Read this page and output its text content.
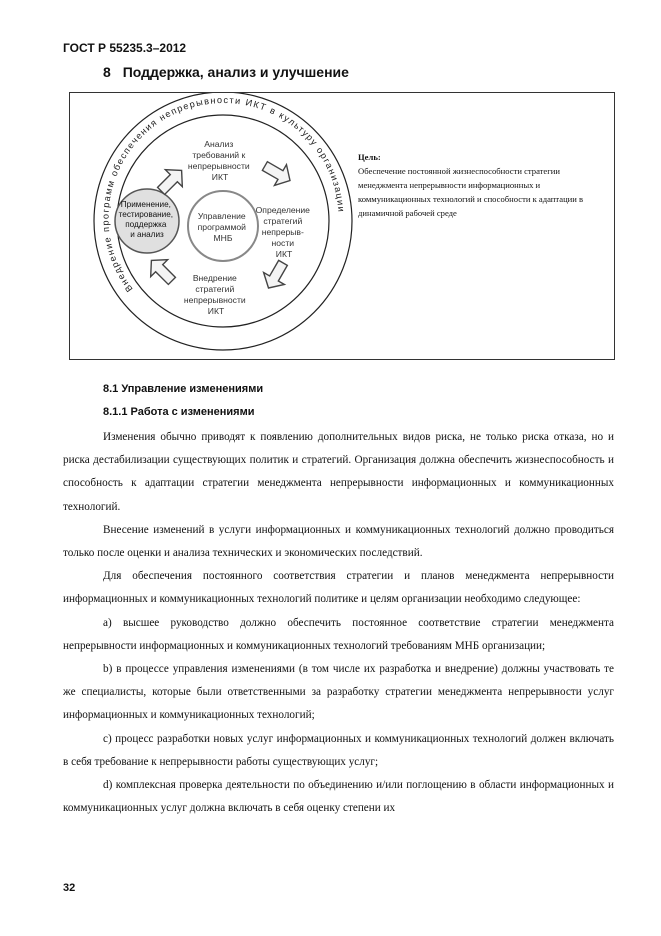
ГОСТ Р 55235.3–2012
8 Поддержка, анализ и улучшение
Внедрение программ обеспечения непрерывности ИКТ в культуру организации
Управление программой МНБ
Применение, тестирование, поддержка и анализ
Анализ требований к непрерывности ИКТ
Определение стратегий непрерыв- ности ИКТ
Внедрение стратегий непрерывности ИКТ
Цель:
Обеспечение постоянной жизнеспособности стратегии менеджмента непрерывности информационных и коммуникационных технологий и способности к адаптации в динамичной рабочей среде
8.1 Управление изменениями
8.1.1 Работа с изменениями

Изменения обычно приводят к появлению дополнительных видов риска, не только риска отказа, но и риска дестабилизации существующих политик и стратегий. Организация должна обеспечить жизнеспособность и способность к адаптации стратегии менеджмента непрерывности информационных и коммуникационных технологий.

Внесение изменений в услуги информационных и коммуникационных технологий должно проводиться только после оценки и анализа технических и экономических последствий.

Для обеспечения постоянного соответствия стратегии и планов менеджмента непрерывности информационных и коммуникационных технологий политике и целям организации необходимо следующее:

а) высшее руководство должно обеспечить постоянное соответствие стратегии менеджмента непрерывности информационных и коммуникационных технологий требованиям МНБ организации;

b) в процессе управления изменениями (в том числе их разработка и внедрение) должны участвовать те же специалисты, которые были ответственными за разработку стратегии менеджмента непрерывности услуг информационных и коммуникационных технологий;

c) процесс разработки новых услуг информационных и коммуникационных технологий должен включать в себя требование к непрерывности работы существующих услуг;

d) комплексная проверка деятельности по объединению и/или поглощению в области информационных и коммуникационных услуг должна включать в себя оценку степени их

32
